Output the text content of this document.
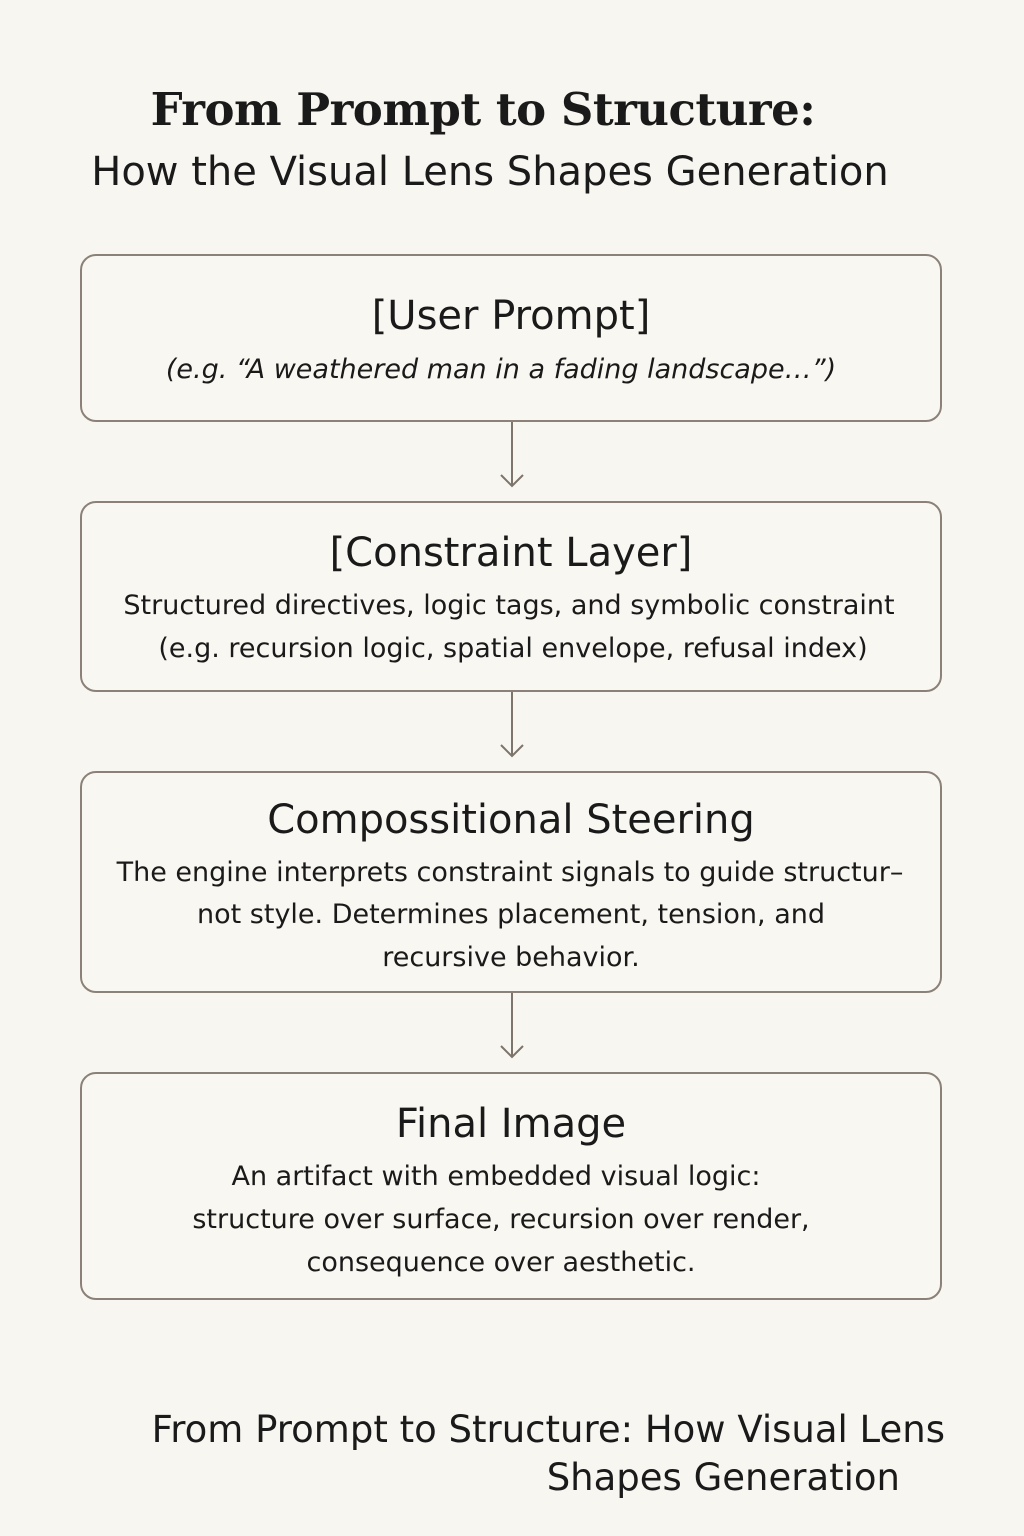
From Prompt to Structure:
How the Visual Lens Shapes Generation
[User Prompt]
(e.g. “A weathered man in a fading landscape…”)
[Constraint Layer]
Structured directives, logic tags, and symbolic constraint
(e.g. recursion logic, spatial envelope, refusal index)
Compossitional Steering
The engine interprets constraint signals to guide structur–
not style. Determines placement, tension, and
recursive behavior.
Final Image
An artifact with embedded visual logic:
structure over surface, recursion over render,
consequence over aesthetic.
From Prompt to Structure: How Visual Lens
Shapes Generation
